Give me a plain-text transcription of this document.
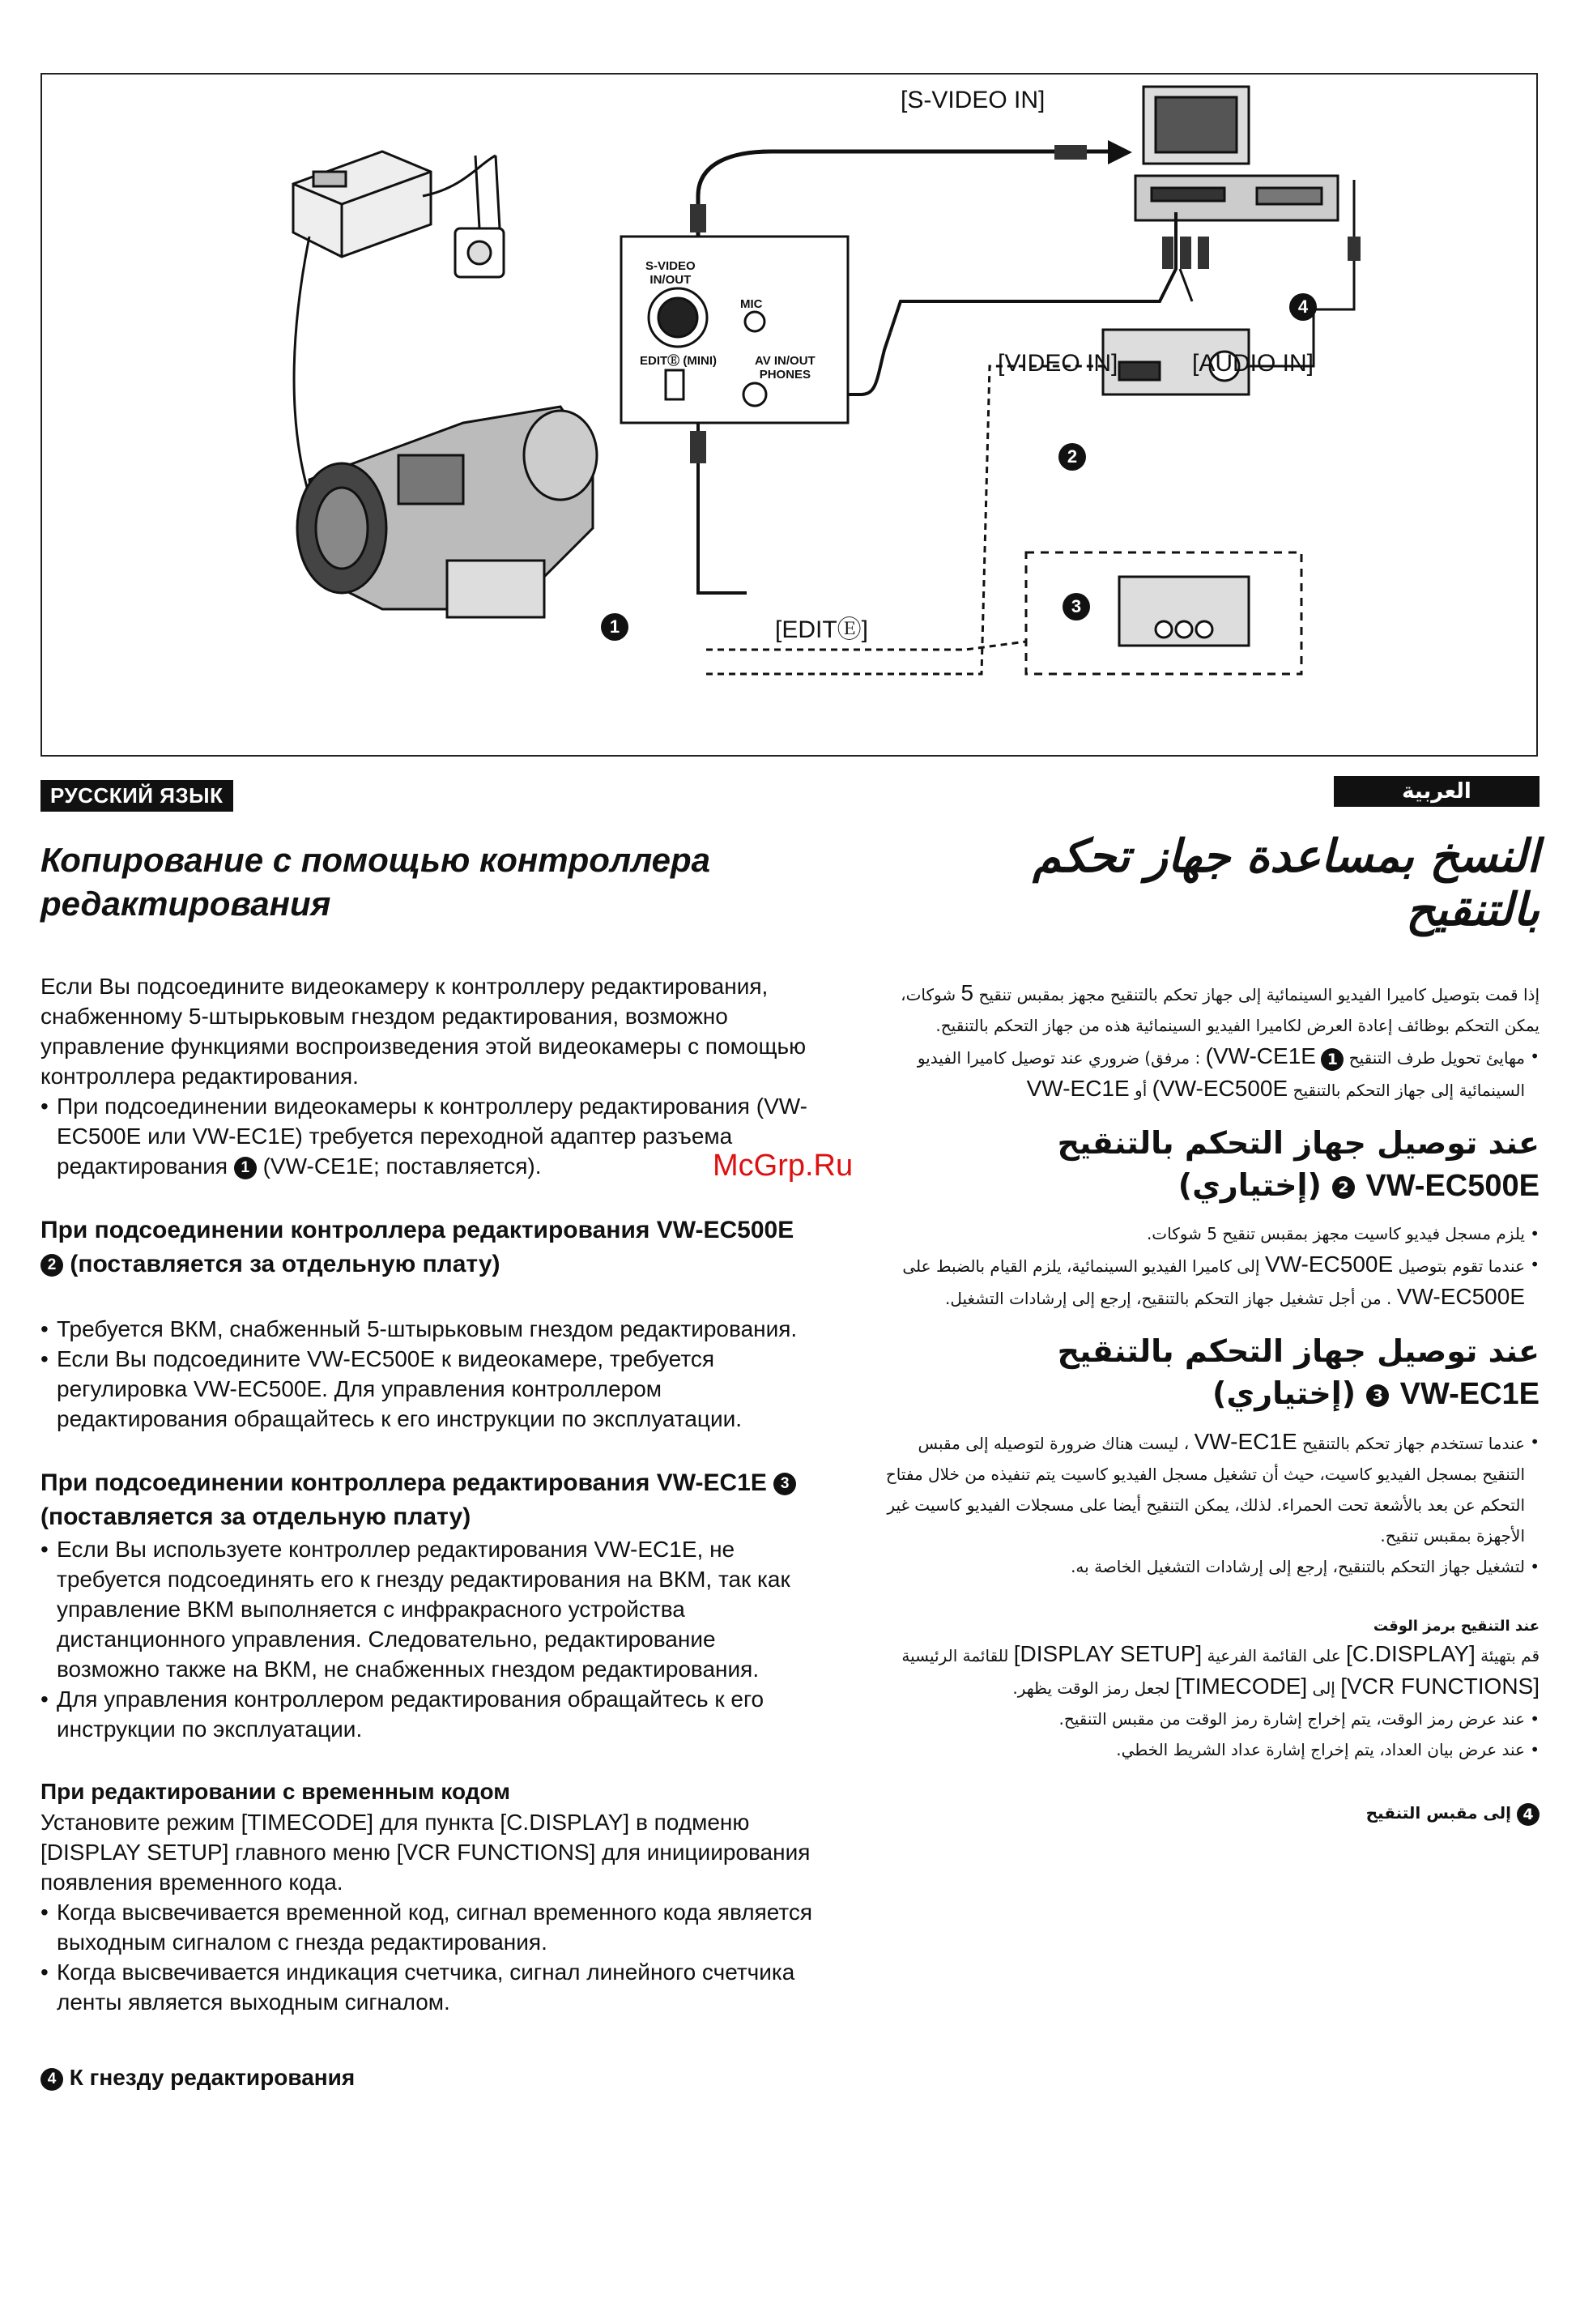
[S-VIDEO IN]
[VIDEO IN]	[AUDIO IN]
[EDITⒺ]
S-VIDEO
IN/OUT
MIC
EDITⒺ (MINI)	AV IN/OUT
PHONES
1
2
3
4
McGrp.Ru
РУССКИЙ ЯЗЫК
Копирование с помощью контроллера
редактирования

Если Вы подсоедините видеокамеру к контроллеру редактирования, снабженному 5-штырьковым гнездом редактирования, возможно управление функциями воспроизведения этой видеокамеры с помощью контроллера редактирования.

• При подсоединении видеокамеры к контроллеру редактирования (VW-EC500E или VW-EC1E) требуется переходной адаптер разъема редактирования 1 (VW-CE1E; поставляется).

При подсоединении контроллера редактирования VW-EC500E 2 (поставляется за отдельную плату)

• Требуется ВКМ, снабженный 5-штырьковым гнездом редактирования.

• Если Вы подсоедините VW-EC500E к видеокамере, требуется регулировка VW-EC500E. Для управления контроллером редактирования обращайтесь к его инструкции по эксплуатации.

При подсоединении контроллера редактирования VW-EC1E 3 (поставляется за отдельную плату)

• Если Вы используете контроллер редактирования VW-EC1E, не требуется подсоединять его к гнезду редактирования на ВКМ, так как управление ВКМ выполняется с инфракрасного устройства дистанционного управления. Следовательно, редактирование возможно также на ВКМ, не снабженных гнездом редактирования.

• Для управления контроллером редактирования обращайтесь к его инструкции по эксплуатации.

При редактировании с временным кодом

Установите режим [TIMECODE] для пункта [C.DISPLAY] в подменю [DISPLAY SETUP] главного меню [VCR FUNCTIONS] для инициирования появления временного кода.

• Когда высвечивается временной код, сигнал временного кода является выходным сигналом с гнезда редактирования.

• Когда высвечивается индикация счетчика, сигнал линейного счетчика ленты является выходным сигналом.

4 К гнезду редактирования

العربية
النسخ بمساعدة جهاز تحكم
بالتنقيح

إذا قمت بتوصيل كاميرا الفيديو السينمائية إلى جهاز تحكم بالتنقيح مجهز بمقبس تنقيح 5 شوكات، يمكن التحكم بوظائف إعادة العرض لكاميرا الفيديو السينمائية هذه من جهاز التحكم بالتنقيح.

• مهايئ تحويل طرف التنقيح 1 (VW-CE1E : مرفق) ضروري عند توصيل كاميرا الفيديو السينمائية إلى جهاز التحكم بالتنقيح (VW-EC500E أو VW-EC1E

عند توصيل جهاز التحكم بالتنقيح
VW-EC500E 2 (إختياري)

• يلزم مسجل فيديو كاسيت مجهز بمقبس تنقيح 5 شوكات.

• عندما تقوم بتوصيل VW-EC500E إلى كاميرا الفيديو السينمائية، يلزم القيام بالضبط على VW-EC500E . من أجل تشغيل جهاز التحكم بالتنقيح، إرجع إلى إرشادات التشغيل.

عند توصيل جهاز التحكم بالتنقيح
VW-EC1E 3 (إختياري)

• عندما تستخدم جهاز تحكم بالتنقيح VW-EC1E ، ليست هناك ضرورة لتوصيله إلى مقبس التنقيح بمسجل الفيديو كاسيت، حيث أن تشغيل مسجل الفيديو كاسيت يتم تنفيذه من خلال مفتاح التحكم عن بعد بالأشعة تحت الحمراء. لذلك، يمكن التنقيح أيضا على مسجلات الفيديو كاسيت غير الأجهزة بمقبس تنقيح.

• لتشغيل جهاز التحكم بالتنقيح، إرجع إلى إرشادات التشغيل الخاصة به.

عند التنقيح برمز الوقت

قم بتهيئة [C.DISPLAY] على القائمة الفرعية [DISPLAY SETUP] للقائمة الرئيسية [VCR FUNCTIONS] إلى [TIMECODE] لجعل رمز الوقت يظهر.

• عند عرض رمز الوقت، يتم إخراج إشارة رمز الوقت من مقبس التنقيح.

• عند عرض بيان العداد، يتم إخراج إشارة عداد الشريط الخطي.

4 إلى مقبس التنقيح
